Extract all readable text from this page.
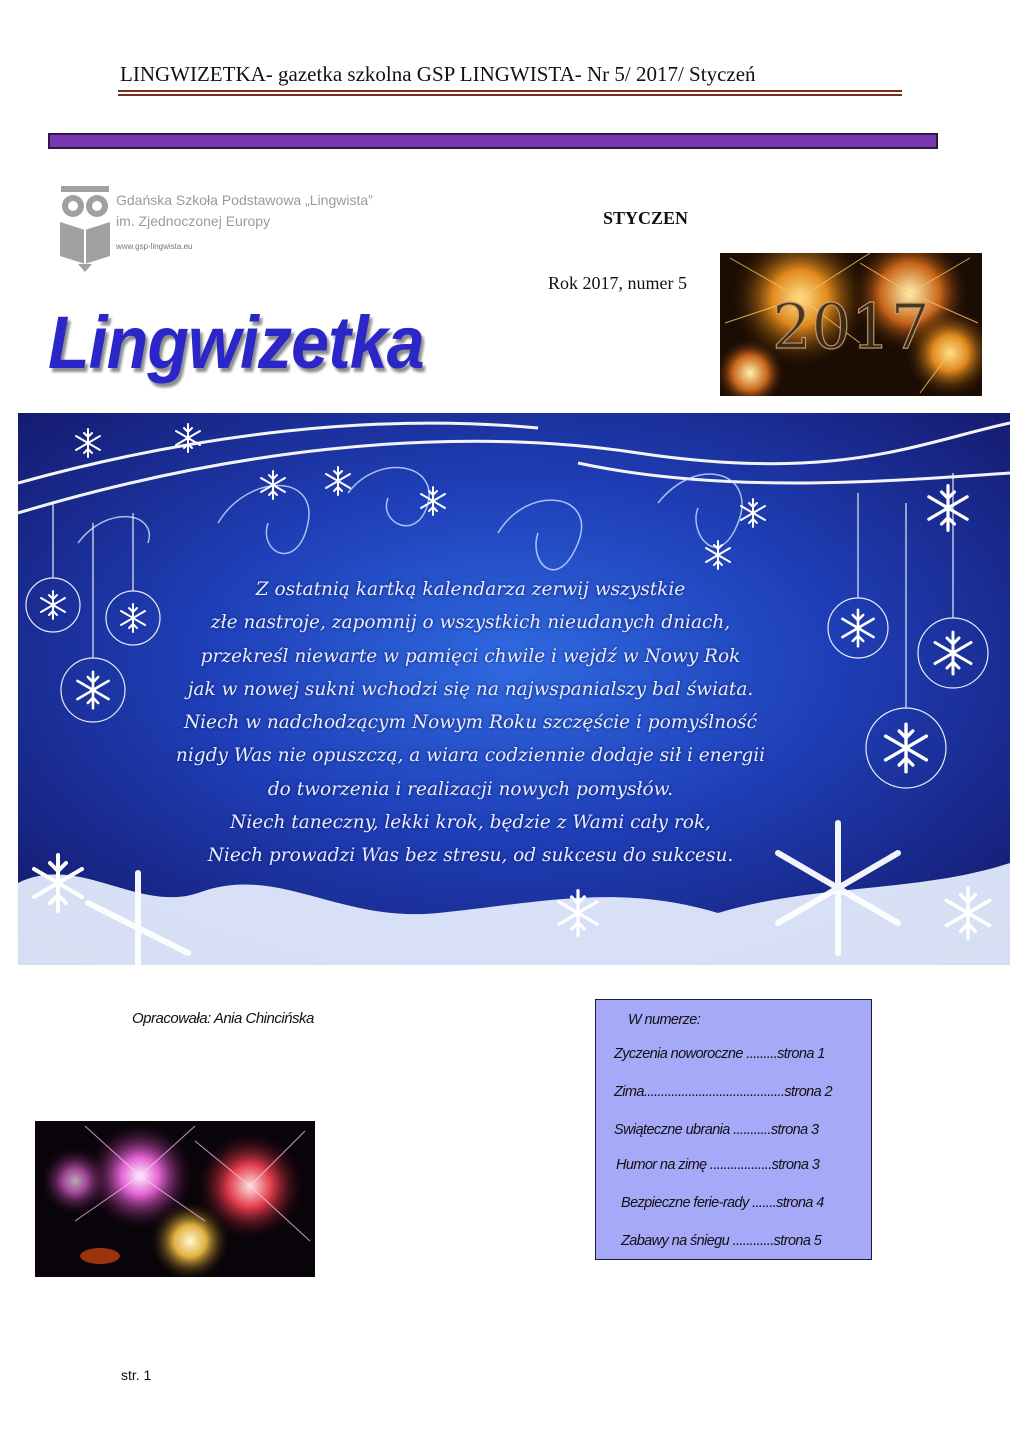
LINGWIZETKA- gazetka szkolna GSP LINGWISTA- Nr 5/ 2017/ Styczeń
Gdańska Szkoła Podstawowa „Lingwista”
im. Zjednoczonej Europy
www.gsp-lingwista.eu
STYCZEN
Rok 2017, numer 5
Lingwizetka	2017
Z ostatnią kartką kalendarza zerwij wszystkie
złe nastroje, zapomnij o wszystkich nieudanych dniach,
przekreśl niewarte w pamięci chwile i wejdź w Nowy Rok
jak w nowej sukni wchodzi się na najwspanialszy bal świata.
Niech w nadchodzącym Nowym Roku szczęście i pomyślność
nigdy Was nie opuszczą, a wiara codziennie dodaje sił i energii
do tworzenia i realizacji nowych pomysłów.
Niech taneczny, lekki krok, będzie z Wami cały rok,
Niech prowadzi Was bez stresu, od sukcesu do sukcesu.
Opracowała: Ania Chincińska	W numerze:
Zyczenia noworoczne .........strona 1
Zima.........................................strona 2
Swiąteczne ubrania ...........strona 3
Humor na zimę ..................strona 3
Bezpieczne ferie-rady .......strona 4
Zabawy na śniegu ............strona 5
str. 1
